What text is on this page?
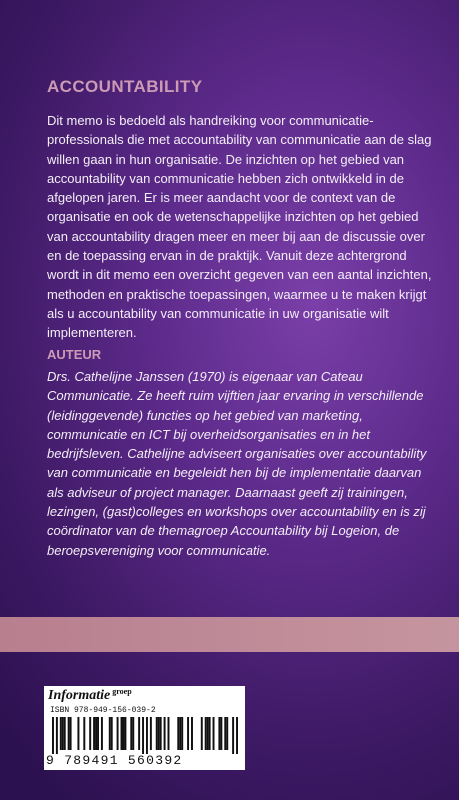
ACCOUNTABILITY

Dit memo is bedoeld als handreiking voor communicatie-professionals die met accountability van communicatie aan de slag willen gaan in hun organisatie. De inzichten op het gebied van accountability van communicatie hebben zich ontwikkeld in de afgelopen jaren. Er is meer aandacht voor de context van de organisatie en ook de wetenschappelijke inzichten op het gebied van accountability dragen meer en meer bij aan de discussie over en de toepassing ervan in de praktijk. Vanuit deze achtergrond wordt in dit memo een overzicht gegeven van een aantal inzichten, methoden en praktische toepassingen, waarmee u te maken krijgt als u accountability van communicatie in uw organisatie wilt implementeren.

AUTEUR

Drs. Cathelijne Janssen (1970) is eigenaar van Cateau Communicatie. Ze heeft ruim vijftien jaar ervaring in verschillende (leidinggevende) functies op het gebied van marketing, communicatie en ICT bij overheidsorganisaties en in het bedrijfsleven. Cathelijne adviseert organisaties over accountability van communicatie en begeleidt hen bij de implementatie daarvan als adviseur of project manager. Daarnaast geeft zij trainingen, lezingen, (gast)colleges en workshops over accountability en is zij coördinator van de themagroep Accountability bij Logeion, de beroepsvereniging voor communicatie.

Informatie $^{groep}$
ISBN 978-949-156-039-2
9 789491 560392
